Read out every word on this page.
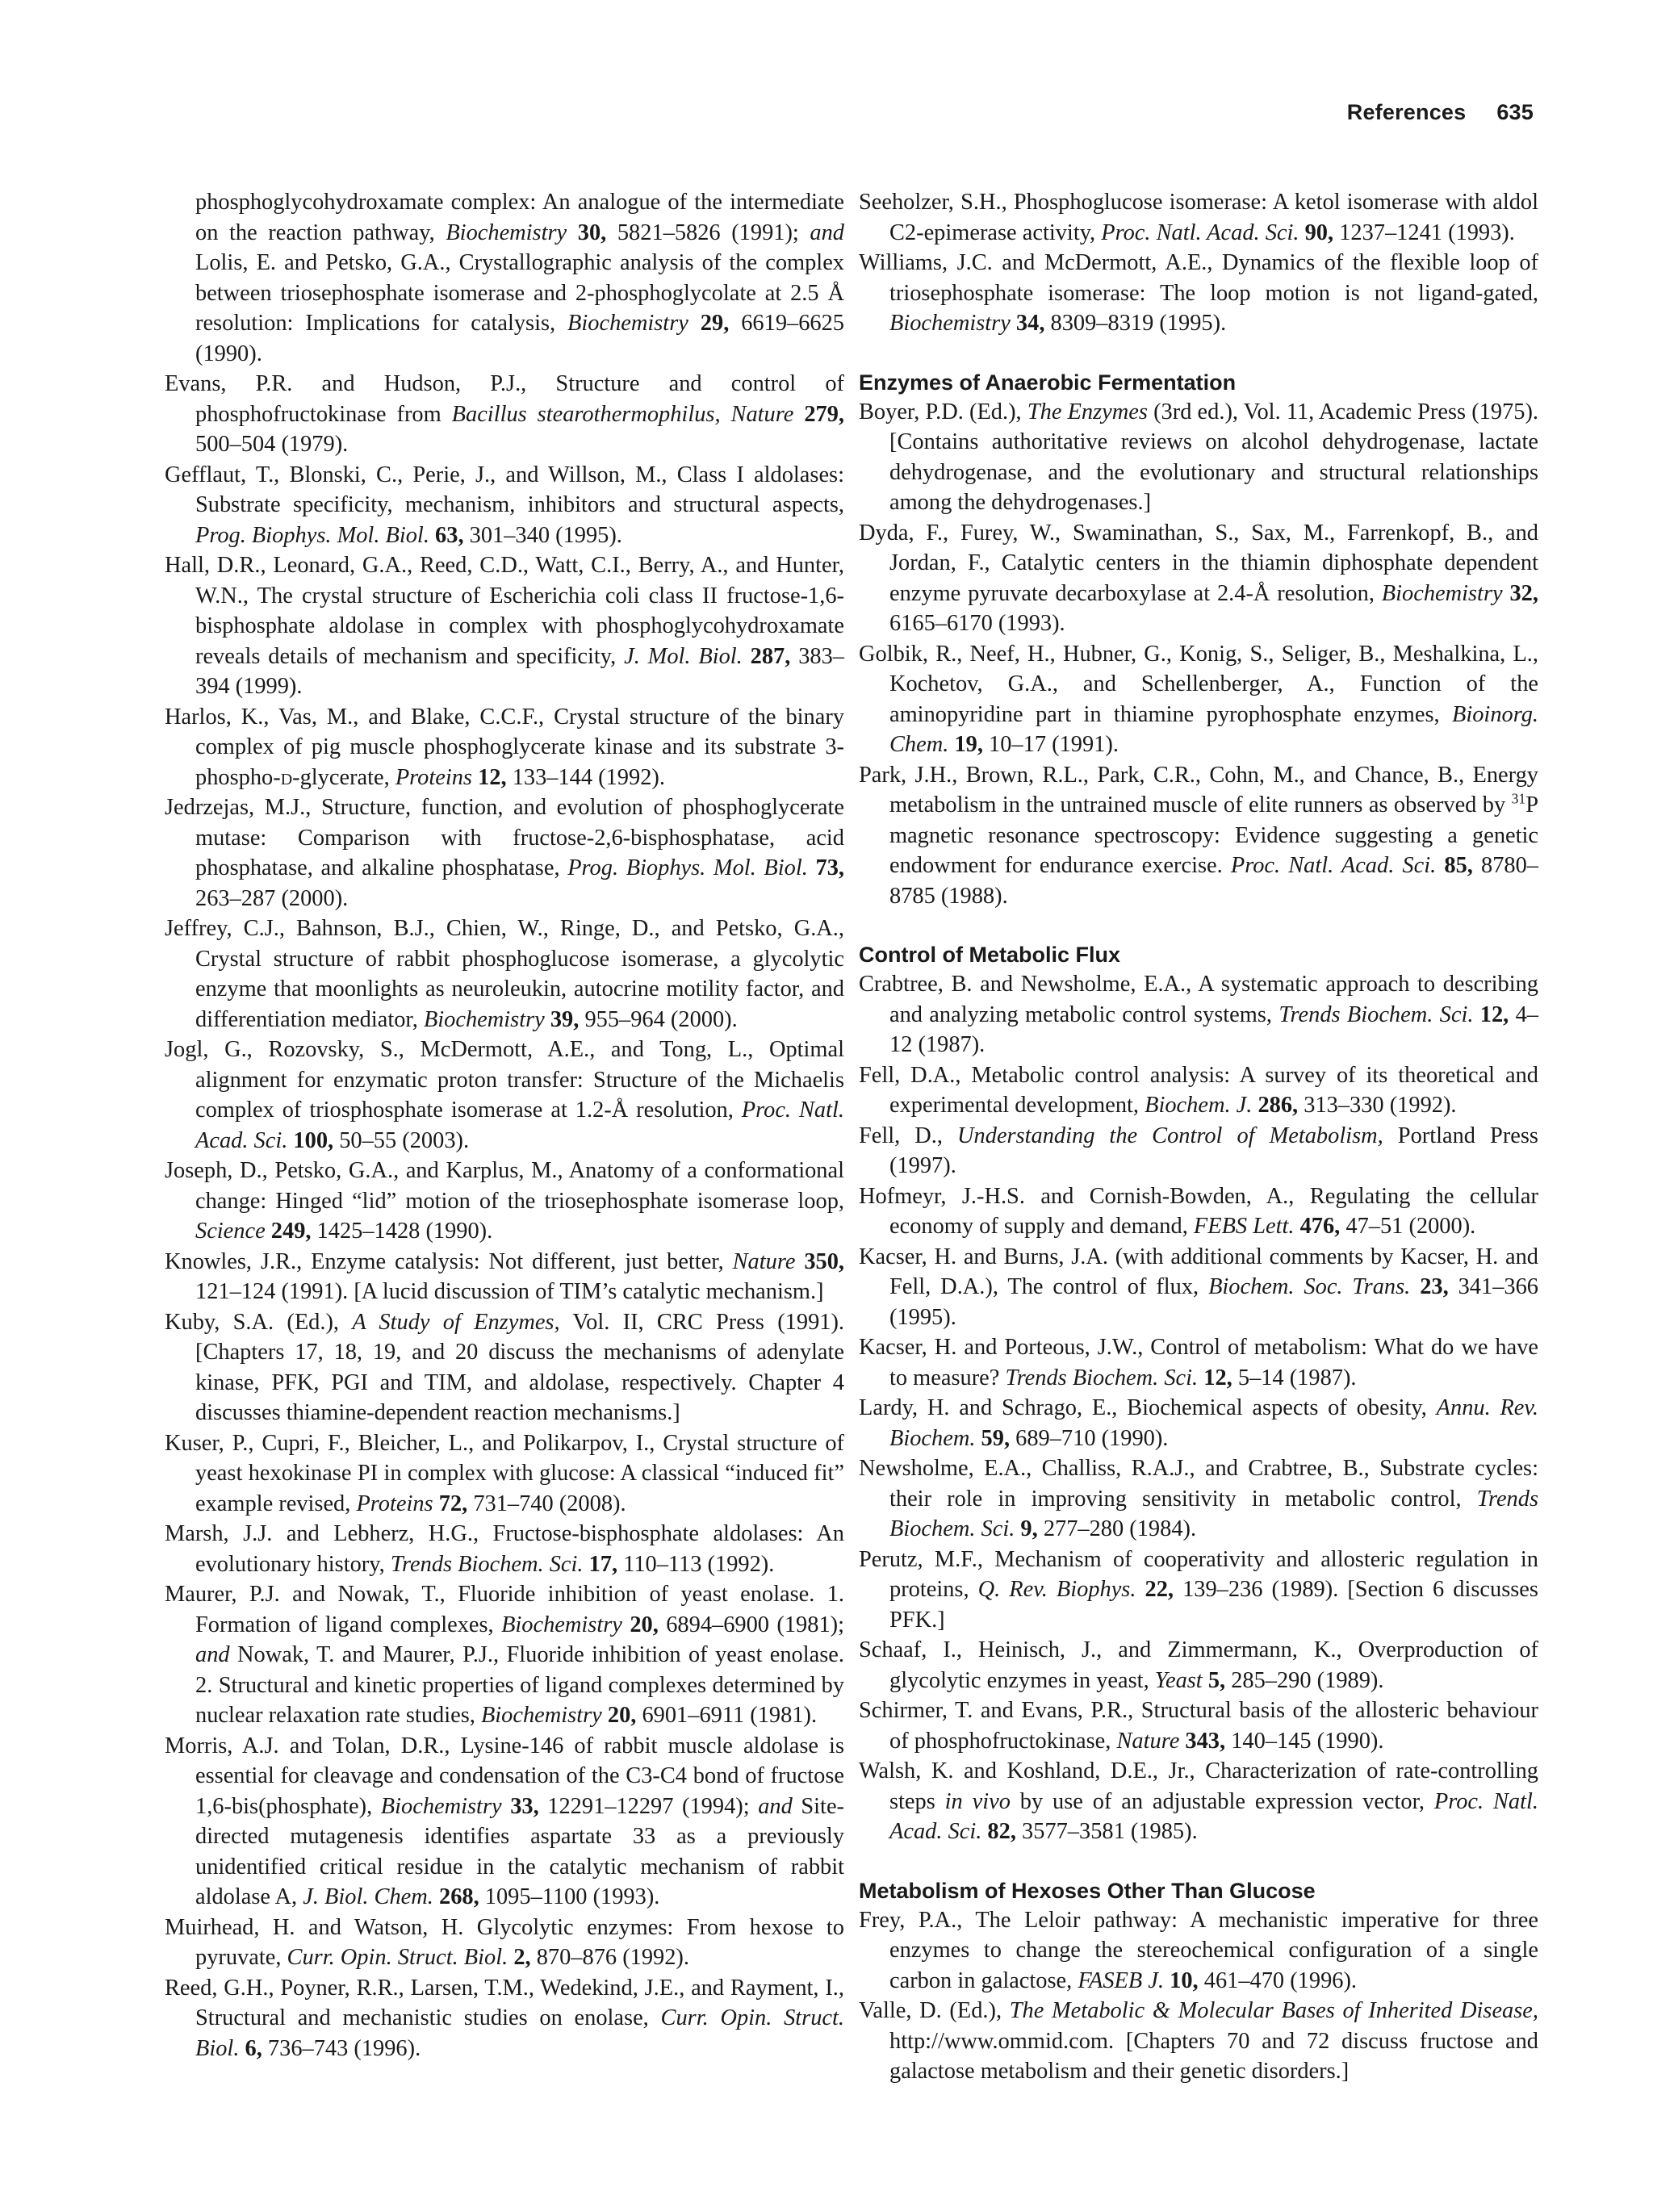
References 635

phosphoglycohydroxamate complex: An analogue of the intermediate on the reaction pathway, Biochemistry 30, 5821–5826 (1991); and Lolis, E. and Petsko, G.A., Crystallographic analysis of the complex between triosephosphate isomerase and 2-phosphoglycolate at 2.5 Å resolution: Implications for catalysis, Biochemistry 29, 6619–6625 (1990).

Evans, P.R. and Hudson, P.J., Structure and control of phosphofructokinase from Bacillus stearothermophilus, Nature 279, 500–504 (1979).

Gefflaut, T., Blonski, C., Perie, J., and Willson, M., Class I aldolases: Substrate specificity, mechanism, inhibitors and structural aspects, Prog. Biophys. Mol. Biol. 63, 301–340 (1995).

Hall, D.R., Leonard, G.A., Reed, C.D., Watt, C.I., Berry, A., and Hunter, W.N., The crystal structure of Escherichia coli class II fructose-1,6-bisphosphate aldolase in complex with phosphoglycohydroxamate reveals details of mechanism and specificity, J. Mol. Biol. 287, 383–394 (1999).

Harlos, K., Vas, M., and Blake, C.C.F., Crystal structure of the binary complex of pig muscle phosphoglycerate kinase and its substrate 3-phospho-d-glycerate, Proteins 12, 133–144 (1992).

Jedrzejas, M.J., Structure, function, and evolution of phosphoglycerate mutase: Comparison with fructose-2,6-bisphosphatase, acid phosphatase, and alkaline phosphatase, Prog. Biophys. Mol. Biol. 73, 263–287 (2000).

Jeffrey, C.J., Bahnson, B.J., Chien, W., Ringe, D., and Petsko, G.A., Crystal structure of rabbit phosphoglucose isomerase, a glycolytic enzyme that moonlights as neuroleukin, autocrine motility factor, and differentiation mediator, Biochemistry 39, 955–964 (2000).

Jogl, G., Rozovsky, S., McDermott, A.E., and Tong, L., Optimal alignment for enzymatic proton transfer: Structure of the Michaelis complex of triosphosphate isomerase at 1.2-Å resolution, Proc. Natl. Acad. Sci. 100, 50–55 (2003).

Joseph, D., Petsko, G.A., and Karplus, M., Anatomy of a conformational change: Hinged “lid” motion of the triosephosphate isomerase loop, Science 249, 1425–1428 (1990).

Knowles, J.R., Enzyme catalysis: Not different, just better, Nature 350, 121–124 (1991). [A lucid discussion of TIM’s catalytic mechanism.]

Kuby, S.A. (Ed.), A Study of Enzymes, Vol. II, CRC Press (1991). [Chapters 17, 18, 19, and 20 discuss the mechanisms of adenylate kinase, PFK, PGI and TIM, and aldolase, respectively. Chapter 4 discusses thiamine-dependent reaction mechanisms.]

Kuser, P., Cupri, F., Bleicher, L., and Polikarpov, I., Crystal structure of yeast hexokinase PI in complex with glucose: A classical “induced fit” example revised, Proteins 72, 731–740 (2008).

Marsh, J.J. and Lebherz, H.G., Fructose-bisphosphate aldolases: An evolutionary history, Trends Biochem. Sci. 17, 110–113 (1992).

Maurer, P.J. and Nowak, T., Fluoride inhibition of yeast enolase. 1. Formation of ligand complexes, Biochemistry 20, 6894–6900 (1981); and Nowak, T. and Maurer, P.J., Fluoride inhibition of yeast enolase. 2. Structural and kinetic properties of ligand complexes determined by nuclear relaxation rate studies, Biochemistry 20, 6901–6911 (1981).

Morris, A.J. and Tolan, D.R., Lysine-146 of rabbit muscle aldolase is essential for cleavage and condensation of the C3-C4 bond of fructose 1,6-bis(phosphate), Biochemistry 33, 12291–12297 (1994); and Site-directed mutagenesis identifies aspartate 33 as a previously unidentified critical residue in the catalytic mechanism of rabbit aldolase A, J. Biol. Chem. 268, 1095–1100 (1993).

Muirhead, H. and Watson, H. Glycolytic enzymes: From hexose to pyruvate, Curr. Opin. Struct. Biol. 2, 870–876 (1992).

Reed, G.H., Poyner, R.R., Larsen, T.M., Wedekind, J.E., and Rayment, I., Structural and mechanistic studies on enolase, Curr. Opin. Struct. Biol. 6, 736–743 (1996).

Seeholzer, S.H., Phosphoglucose isomerase: A ketol isomerase with aldol C2-epimerase activity, Proc. Natl. Acad. Sci. 90, 1237–1241 (1993).

Williams, J.C. and McDermott, A.E., Dynamics of the flexible loop of triosephosphate isomerase: The loop motion is not ligand-gated, Biochemistry 34, 8309–8319 (1995).

Enzymes of Anaerobic Fermentation

Boyer, P.D. (Ed.), The Enzymes (3rd ed.), Vol. 11, Academic Press (1975). [Contains authoritative reviews on alcohol dehydrogenase, lactate dehydrogenase, and the evolutionary and structural relationships among the dehydrogenases.]

Dyda, F., Furey, W., Swaminathan, S., Sax, M., Farrenkopf, B., and Jordan, F., Catalytic centers in the thiamin diphosphate dependent enzyme pyruvate decarboxylase at 2.4-Å resolution, Biochemistry 32, 6165–6170 (1993).

Golbik, R., Neef, H., Hubner, G., Konig, S., Seliger, B., Meshalkina, L., Kochetov, G.A., and Schellenberger, A., Function of the aminopyridine part in thiamine pyrophosphate enzymes, Bioinorg. Chem. 19, 10–17 (1991).

Park, J.H., Brown, R.L., Park, C.R., Cohn, M., and Chance, B., Energy metabolism in the untrained muscle of elite runners as observed by $^{31}$P magnetic resonance spectroscopy: Evidence suggesting a genetic endowment for endurance exercise. Proc. Natl. Acad. Sci. 85, 8780–8785 (1988).

Control of Metabolic Flux

Crabtree, B. and Newsholme, E.A., A systematic approach to describing and analyzing metabolic control systems, Trends Biochem. Sci. 12, 4–12 (1987).

Fell, D.A., Metabolic control analysis: A survey of its theoretical and experimental development, Biochem. J. 286, 313–330 (1992).

Fell, D., Understanding the Control of Metabolism, Portland Press (1997).

Hofmeyr, J.-H.S. and Cornish-Bowden, A., Regulating the cellular economy of supply and demand, FEBS Lett. 476, 47–51 (2000).

Kacser, H. and Burns, J.A. (with additional comments by Kacser, H. and Fell, D.A.), The control of flux, Biochem. Soc. Trans. 23, 341–366 (1995).

Kacser, H. and Porteous, J.W., Control of metabolism: What do we have to measure? Trends Biochem. Sci. 12, 5–14 (1987).

Lardy, H. and Schrago, E., Biochemical aspects of obesity, Annu. Rev. Biochem. 59, 689–710 (1990).

Newsholme, E.A., Challiss, R.A.J., and Crabtree, B., Substrate cycles: their role in improving sensitivity in metabolic control, Trends Biochem. Sci. 9, 277–280 (1984).

Perutz, M.F., Mechanism of cooperativity and allosteric regulation in proteins, Q. Rev. Biophys. 22, 139–236 (1989). [Section 6 discusses PFK.]

Schaaf, I., Heinisch, J., and Zimmermann, K., Overproduction of glycolytic enzymes in yeast, Yeast 5, 285–290 (1989).

Schirmer, T. and Evans, P.R., Structural basis of the allosteric behaviour of phosphofructokinase, Nature 343, 140–145 (1990).

Walsh, K. and Koshland, D.E., Jr., Characterization of rate-controlling steps in vivo by use of an adjustable expression vector, Proc. Natl. Acad. Sci. 82, 3577–3581 (1985).

Metabolism of Hexoses Other Than Glucose

Frey, P.A., The Leloir pathway: A mechanistic imperative for three enzymes to change the stereochemical configuration of a single carbon in galactose, FASEB J. 10, 461–470 (1996).

Valle, D. (Ed.), The Metabolic & Molecular Bases of Inherited Disease, http://www.ommid.com. [Chapters 70 and 72 discuss fructose and galactose metabolism and their genetic disorders.]
